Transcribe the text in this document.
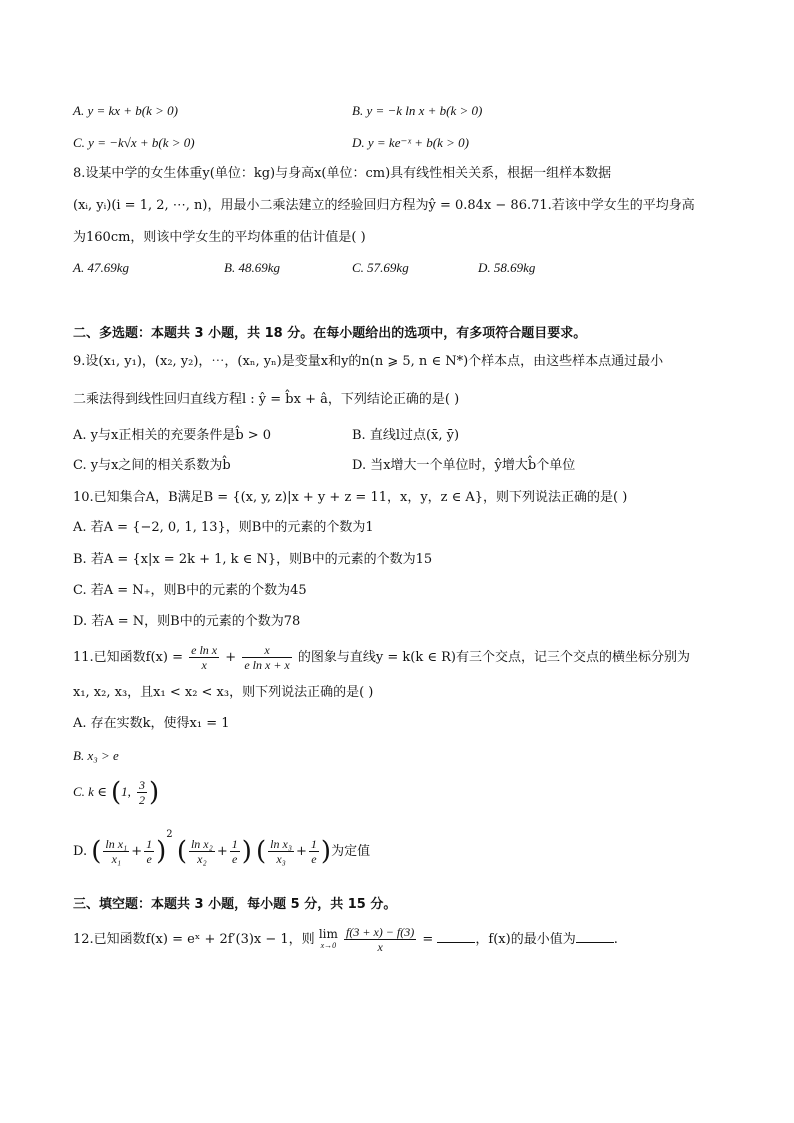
A. y = kx + b(k > 0)	B. y = −k ln x + b(k > 0)
C. y = −k√x + b(k > 0)	D. y = ke⁻ˣ + b(k > 0)
8.设某中学的女生体重y(单位：kg)与身高x(单位：cm)具有线性相关关系，根据一组样本数据
(xᵢ, yᵢ)(i = 1, 2, ⋯, n)，用最小二乘法建立的经验回归方程为ŷ = 0.84x − 86.71.若该中学女生的平均身高
为160cm，则该中学女生的平均体重的估计值是( )
A. 47.69kg	B. 48.69kg	C. 57.69kg	D. 58.69kg
二、多选题：本题共 3 小题，共 18 分。在每小题给出的选项中，有多项符合题目要求。
9.设(x₁, y₁)，(x₂, y₂)，⋯，(xₙ, yₙ)是变量x和y的n(n ⩾ 5, n ∈ N*)个样本点，由这些样本点通过最小
二乘法得到线性回归直线方程l : ŷ = b̂x + â，下列结论正确的是( )
A. y与x正相关的充要条件是b̂ > 0	B. 直线l过点(x̄, ȳ)
C. y与x之间的相关系数为b̂	D. 当x增大一个单位时，ŷ增大b̂个单位
10.已知集合A，B满足B = {(x, y, z)|x + y + z = 11，x，y，z ∈ A}，则下列说法正确的是( )
A. 若A = {−2, 0, 1, 13}，则B中的元素的个数为1
B. 若A = {x|x = 2k + 1, k ∈ N}，则B中的元素的个数为15
C. 若A = N₊，则B中的元素的个数为45
D. 若A = N，则B中的元素的个数为78
11.已知函数$f(x) = \frac{\text{e ln x}}{x} + \frac{x}{\text{e ln x + x}}$ 的图象与直线y = k(k ∈ R)有三个交点，记三个交点的横坐标分别为
x₁, x₂, x₃，且x₁ < x₂ < x₃，则下列说法正确的是( )
A. 存在实数k，使得x₁ = 1
B. x₃ > e
C. k ∈ (1, $\frac{3}{2}$ )
D. ( $\frac{\text{ln x₁}}{\text{x₁}} + \frac{1}{e} )^2$ ( $\frac{\text{ln x₂}}{\text{x₂}} + \frac{1}{e}$ ) ( $\frac{\text{ln x₃}}{\text{x₃}} + \frac{1}{e}$ )为定值
三、填空题：本题共 3 小题，每小题 5 分，共 15 分。
12.已知函数f(x) = eˣ + 2f′(3)x − 1，则 lim
x→0
$\frac{f(3 + x) - f(3)}{x}$ =	，f(x)的最小值为	.
